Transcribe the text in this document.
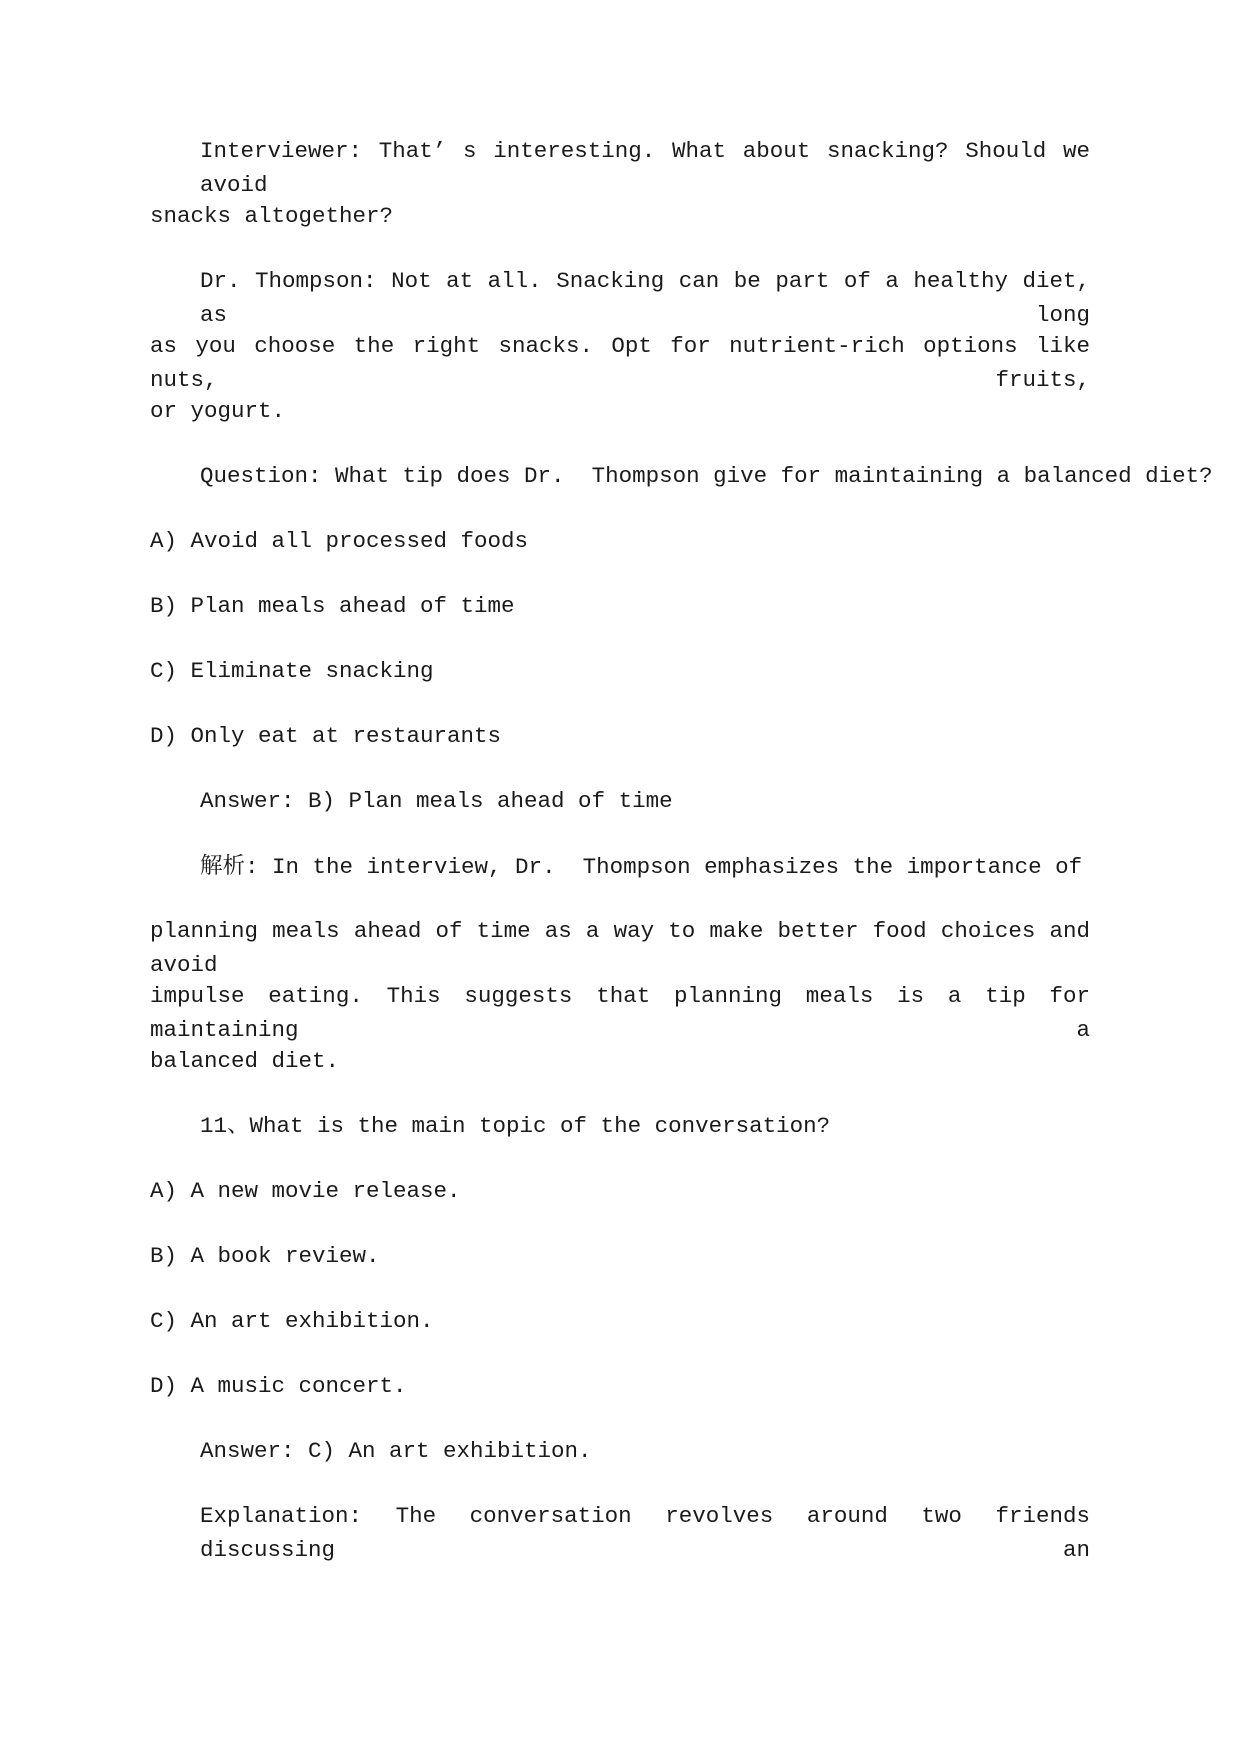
Interviewer: That’ s interesting. What about snacking? Should we avoid
snacks altogether?
Dr. Thompson: Not at all. Snacking can be part of a healthy diet, as long
as you choose the right snacks. Opt for nutrient-rich options like nuts, fruits,
or yogurt.
Question: What tip does Dr.  Thompson give for maintaining a balanced diet?
A) Avoid all processed foods
B) Plan meals ahead of time
C) Eliminate snacking
D) Only eat at restaurants
Answer: B) Plan meals ahead of time
解析: In the interview, Dr.  Thompson emphasizes the importance of
planning meals ahead of time as a way to make better food choices and avoid
impulse eating. This suggests that planning meals is a tip for maintaining a
balanced diet.
11、What is the main topic of the conversation?
A) A new movie release.
B) A book review.
C) An art exhibition.
D) A music concert.
Answer: C) An art exhibition.
Explanation: The conversation revolves around two friends discussing an
